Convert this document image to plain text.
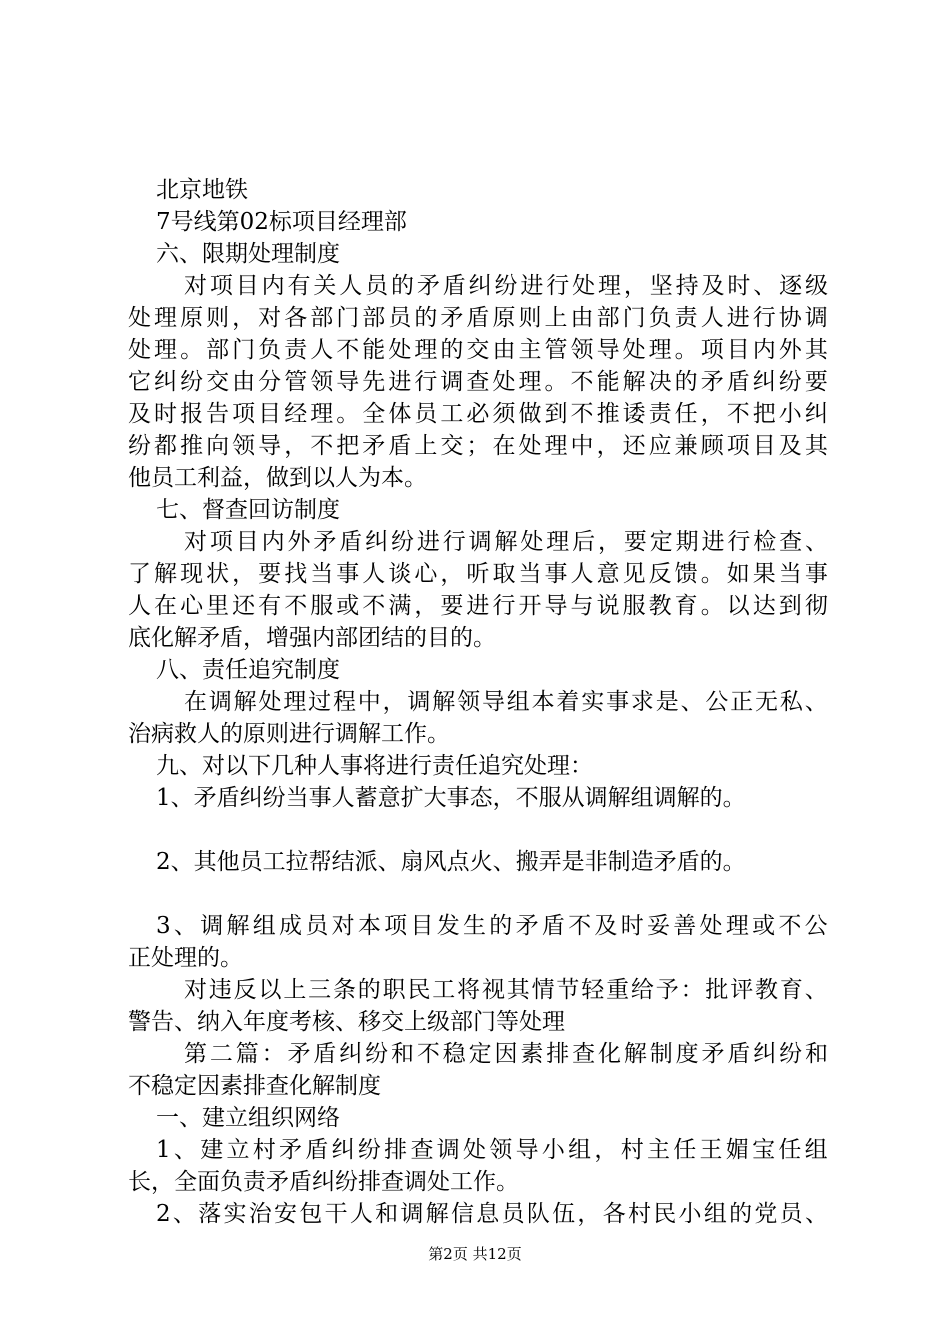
北京地铁
7号线第02标项目经理部
六、限期处理制度
对 项 目 内 有 关 人 员 的 矛 盾 纠 纷 进 行 处 理 ， 坚 持 及 时 、 逐 级
处 理 原 则 ， 对 各 部 门 部 员 的 矛 盾 原 则 上 由 部 门 负 责 人 进 行 协 调
处 理 。 部 门 负 责 人 不 能 处 理 的 交 由 主 管 领 导 处 理 。 项 目 内 外 其
它 纠 纷 交 由 分 管 领 导 先 进 行 调 查 处 理 。 不 能 解 决 的 矛 盾 纠 纷 要
及 时 报 告 项 目 经 理 。 全 体 员 工 必 须 做 到 不 推 诿 责 任 ， 不 把 小 纠
纷 都 推 向 领 导 ， 不 把 矛 盾 上 交 ； 在 处 理 中 ， 还 应 兼 顾 项 目 及 其
他员工利益，做到以人为本。
七、督查回访制度
对 项 目 内 外 矛 盾 纠 纷 进 行 调 解 处 理 后 ， 要 定 期 进 行 检 查 、
了 解 现 状 ， 要 找 当 事 人 谈 心 ， 听 取 当 事 人 意 见 反 馈 。 如 果 当 事
人 在 心 里 还 有 不 服 或 不 满 ， 要 进 行 开 导 与 说 服 教 育 。 以 达 到 彻
底化解矛盾，增强内部团结的目的。
八、责任追究制度
在 调 解 处 理 过 程 中 ， 调 解 领 导 组 本 着 实 事 求 是 、 公 正 无 私 、
治病救人的原则进行调解工作。
九、对以下几种人事将进行责任追究处理：
1、矛盾纠纷当事人蓄意扩大事态，不服从调解组调解的。
2、其他员工拉帮结派、扇风点火、搬弄是非制造矛盾的。
3 、 调 解 组 成 员 对 本 项 目 发 生 的 矛 盾 不 及 时 妥 善 处 理 或 不 公
正处理的。
对 违 反 以 上 三 条 的 职 民 工 将 视 其 情 节 轻 重 给 予 ： 批 评 教 育 、
警告、纳入年度考核、移交上级部门等处理
第 二 篇 ： 矛 盾 纠 纷 和 不 稳 定 因 素 排 查 化 解 制 度 矛 盾 纠 纷 和
不稳定因素排查化解制度
一、建立组织网络
1 、 建 立 村 矛 盾 纠 纷 排 查 调 处 领 导 小 组 ， 村 主 任 王 媚 宝 任 组
长，全面负责矛盾纠纷排查调处工作。
2 、 落 实 治 安 包 干 人 和 调 解 信 息 员 队 伍 ， 各 村 民 小 组 的 党 员 、
第2页 共12页
